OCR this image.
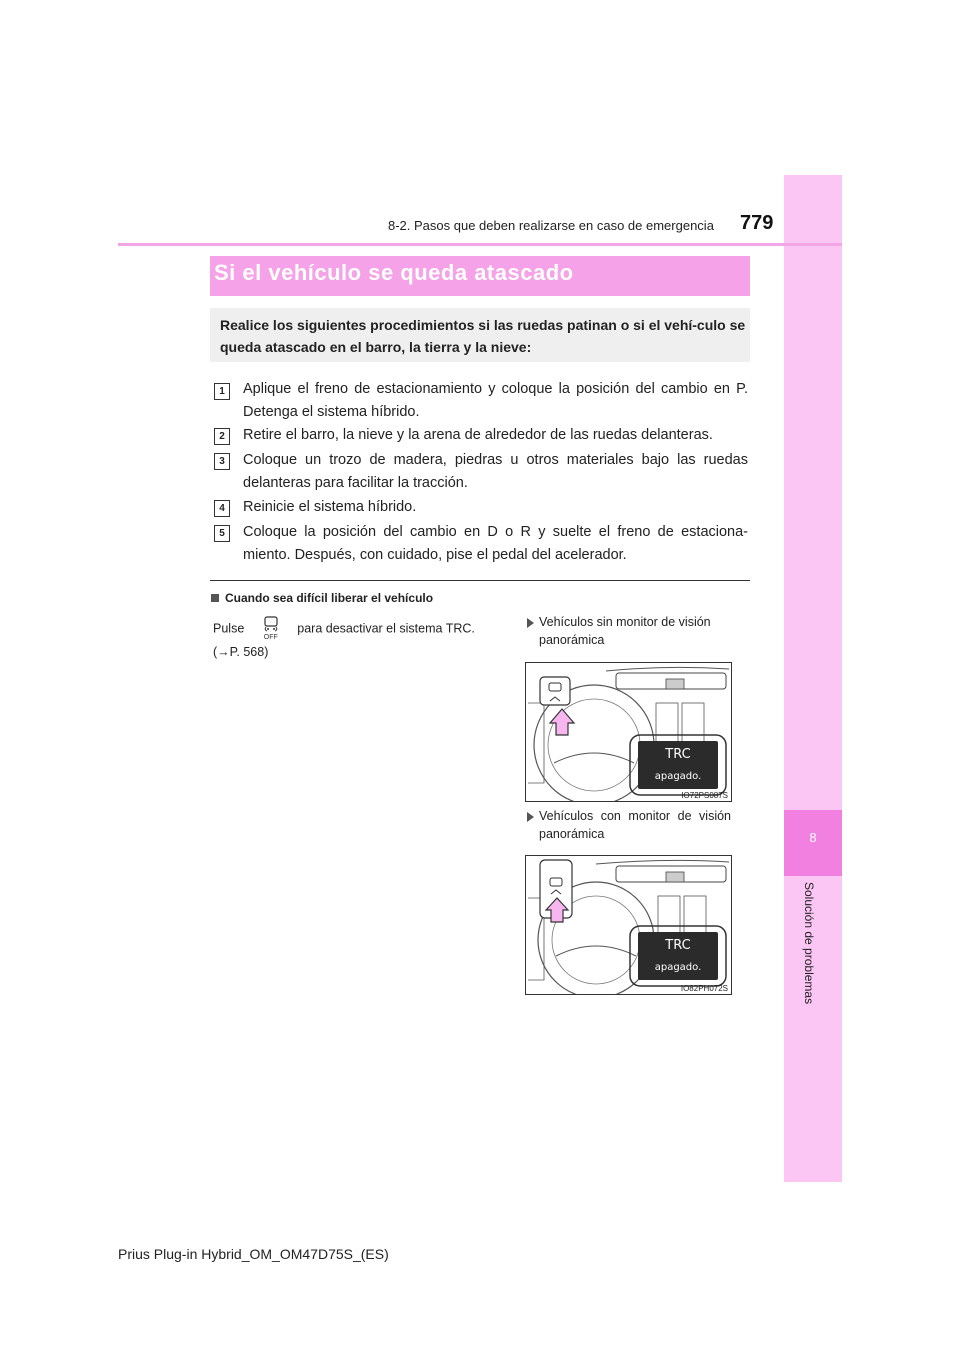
8
Solución de problemas
8-2. Pasos que deben realizarse en caso de emergencia 779
Si el vehículo se queda atascado
Realice los siguientes procedimientos si las ruedas patinan o si el vehí-culo se queda atascado en el barro, la tierra y la nieve:
1	Aplique el freno de estacionamiento y coloque la posición del cambio en P. Detenga el sistema híbrido.
2	Retire el barro, la nieve y la arena de alrededor de las ruedas delanteras.
3	Coloque un trozo de madera, piedras u otros materiales bajo las ruedas delanteras para facilitar la tracción.
4	Reinicie el sistema híbrido.
5	Coloque la posición del cambio en D o R y suelte el freno de estaciona-miento. Después, con cuidado, pise el pedal del acelerador.
Cuando sea difícil liberar el vehículo
Pulse
OFF
para desactivar el sistema TRC.
(→P. 568)
Vehículos sin monitor de visión panorámica
TRC
apagado.
IO72PS087S
Vehículos con monitor de visión panorámica
TRC
apagado.
IO82PH072S
Prius Plug-in Hybrid_OM_OM47D75S_(ES)
